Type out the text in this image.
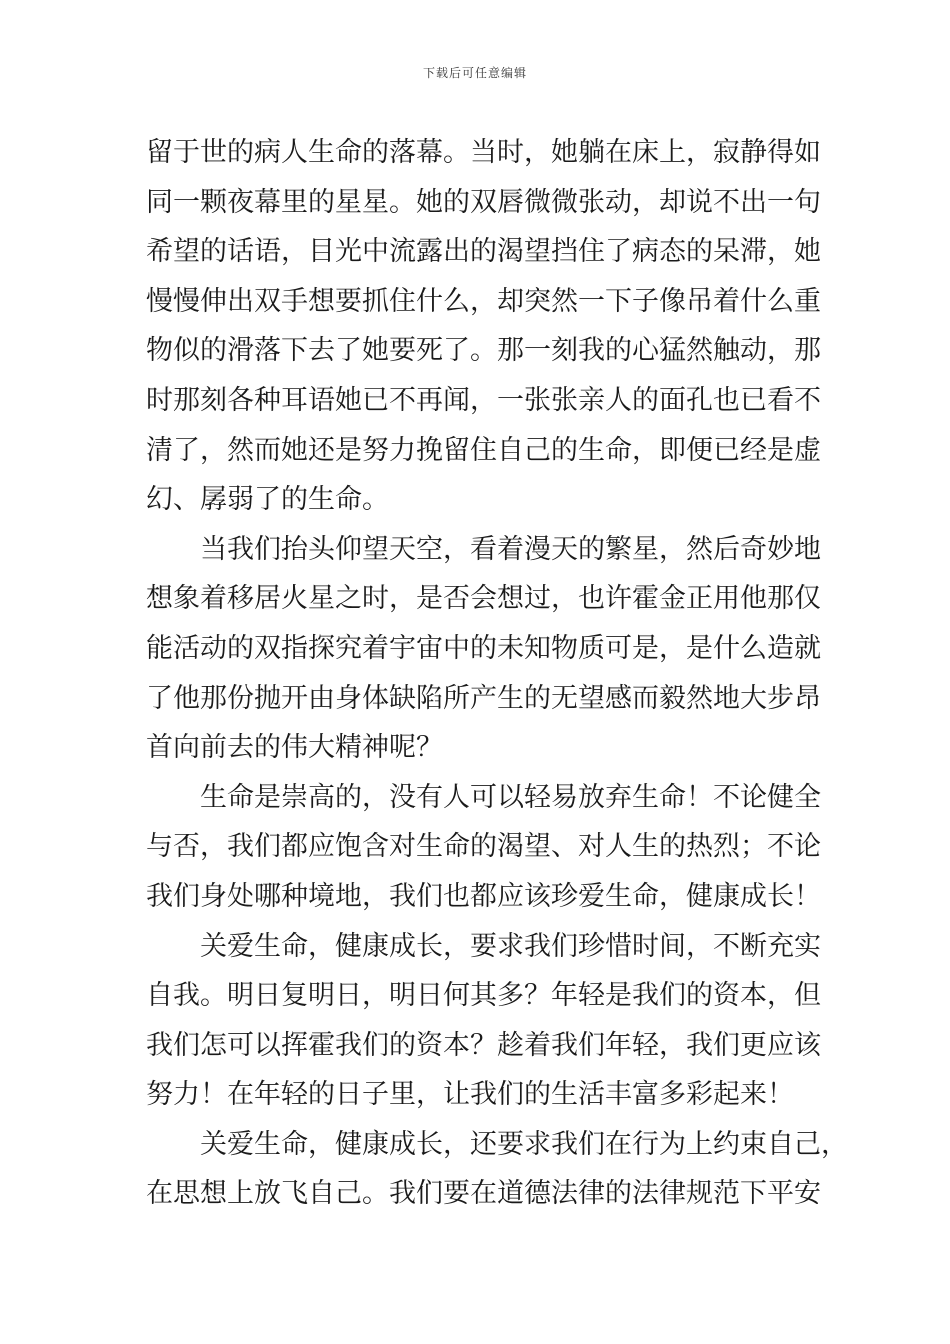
下载后可任意编辑
留于世的病人生命的落幕。当时，她躺在床上，寂静得如
同一颗夜幕里的星星。她的双唇微微张动，却说不出一句
希望的话语，目光中流露出的渴望挡住了病态的呆滞，她
慢慢伸出双手想要抓住什么，却突然一下子像吊着什么重
物似的滑落下去了她要死了。那一刻我的心猛然触动，那
时那刻各种耳语她已不再闻，一张张亲人的面孔也已看不
清了，然而她还是努力挽留住自己的生命，即便已经是虚
幻、孱弱了的生命。
当我们抬头仰望天空，看着漫天的繁星，然后奇妙地
想象着移居火星之时，是否会想过，也许霍金正用他那仅
能活动的双指探究着宇宙中的未知物质可是，是什么造就
了他那份抛开由身体缺陷所产生的无望感而毅然地大步昂
首向前去的伟大精神呢？
生命是崇高的，没有人可以轻易放弃生命！不论健全
与否，我们都应饱含对生命的渴望、对人生的热烈；不论
我们身处哪种境地，我们也都应该珍爱生命，健康成长！
关爱生命，健康成长，要求我们珍惜时间，不断充实
自我。明日复明日，明日何其多？年轻是我们的资本，但
我们怎可以挥霍我们的资本？趁着我们年轻，我们更应该
努力！在年轻的日子里，让我们的生活丰富多彩起来！
关爱生命，健康成长，还要求我们在行为上约束自己，
在思想上放飞自己。我们要在道德法律的法律规范下平安
